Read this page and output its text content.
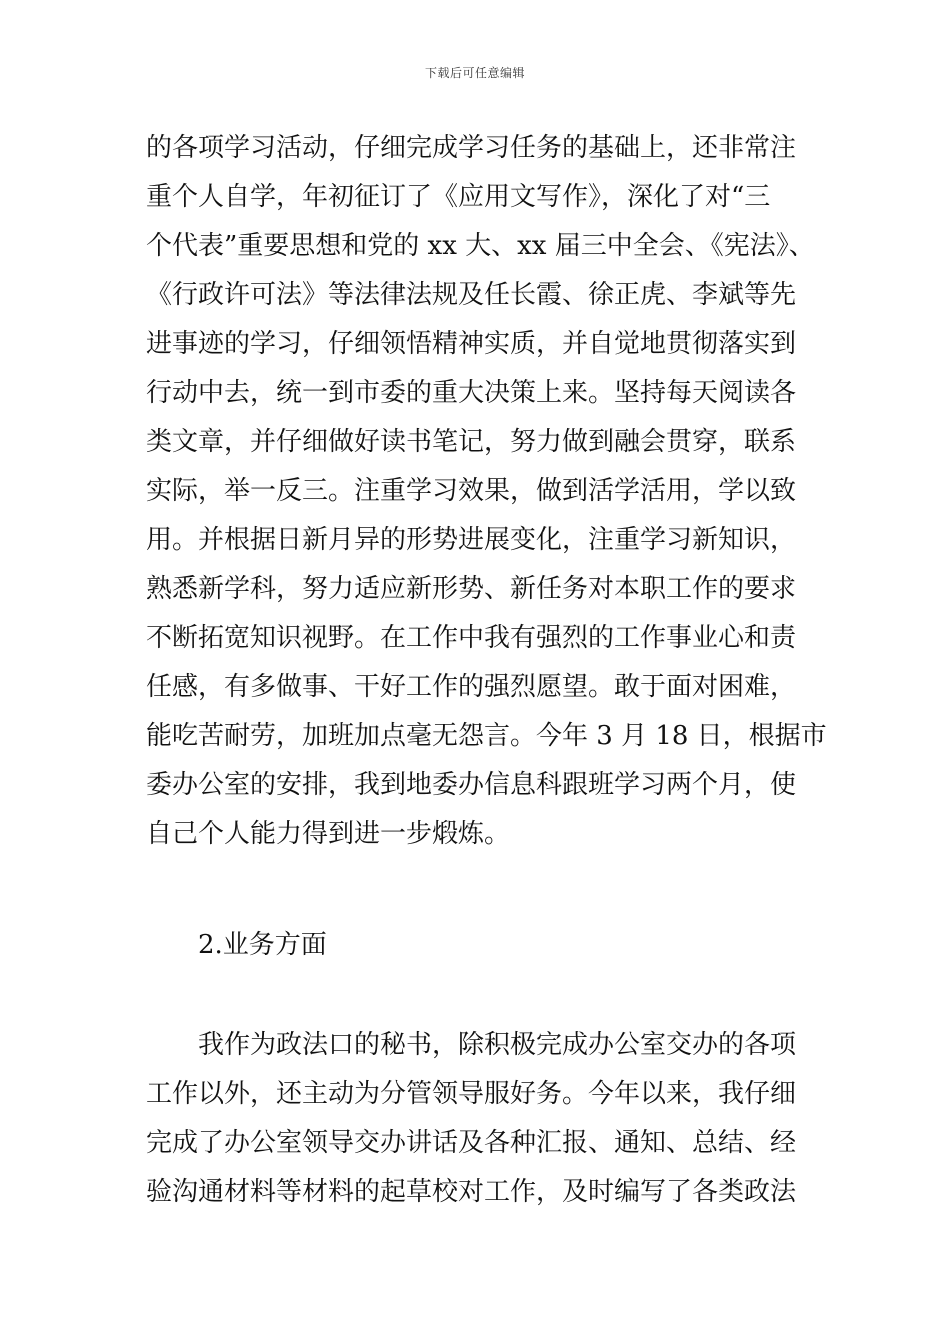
下载后可任意编辑
的各项学习活动，仔细完成学习任务的基础上，还非常注
重个人自学，年初征订了《应用文写作》，深化了对“三
个代表”重要思想和党的 xx 大、xx 届三中全会、《宪法》、
《行政许可法》等法律法规及任长霞、徐正虎、李斌等先
进事迹的学习，仔细领悟精神实质，并自觉地贯彻落实到
行动中去，统一到市委的重大决策上来。坚持每天阅读各
类文章，并仔细做好读书笔记，努力做到融会贯穿，联系
实际，举一反三。注重学习效果，做到活学活用，学以致
用。并根据日新月异的形势进展变化，注重学习新知识，
熟悉新学科，努力适应新形势、新任务对本职工作的要求
不断拓宽知识视野。在工作中我有强烈的工作事业心和责
任感，有多做事、干好工作的强烈愿望。敢于面对困难，
能吃苦耐劳，加班加点毫无怨言。今年 3 月 18 日，根据市
委办公室的安排，我到地委办信息科跟班学习两个月，使
自己个人能力得到进一步煅炼。
2.业务方面
我作为政法口的秘书，除积极完成办公室交办的各项
工作以外，还主动为分管领导服好务。今年以来，我仔细
完成了办公室领导交办讲话及各种汇报、通知、总结、经
验沟通材料等材料的起草校对工作，及时编写了各类政法
